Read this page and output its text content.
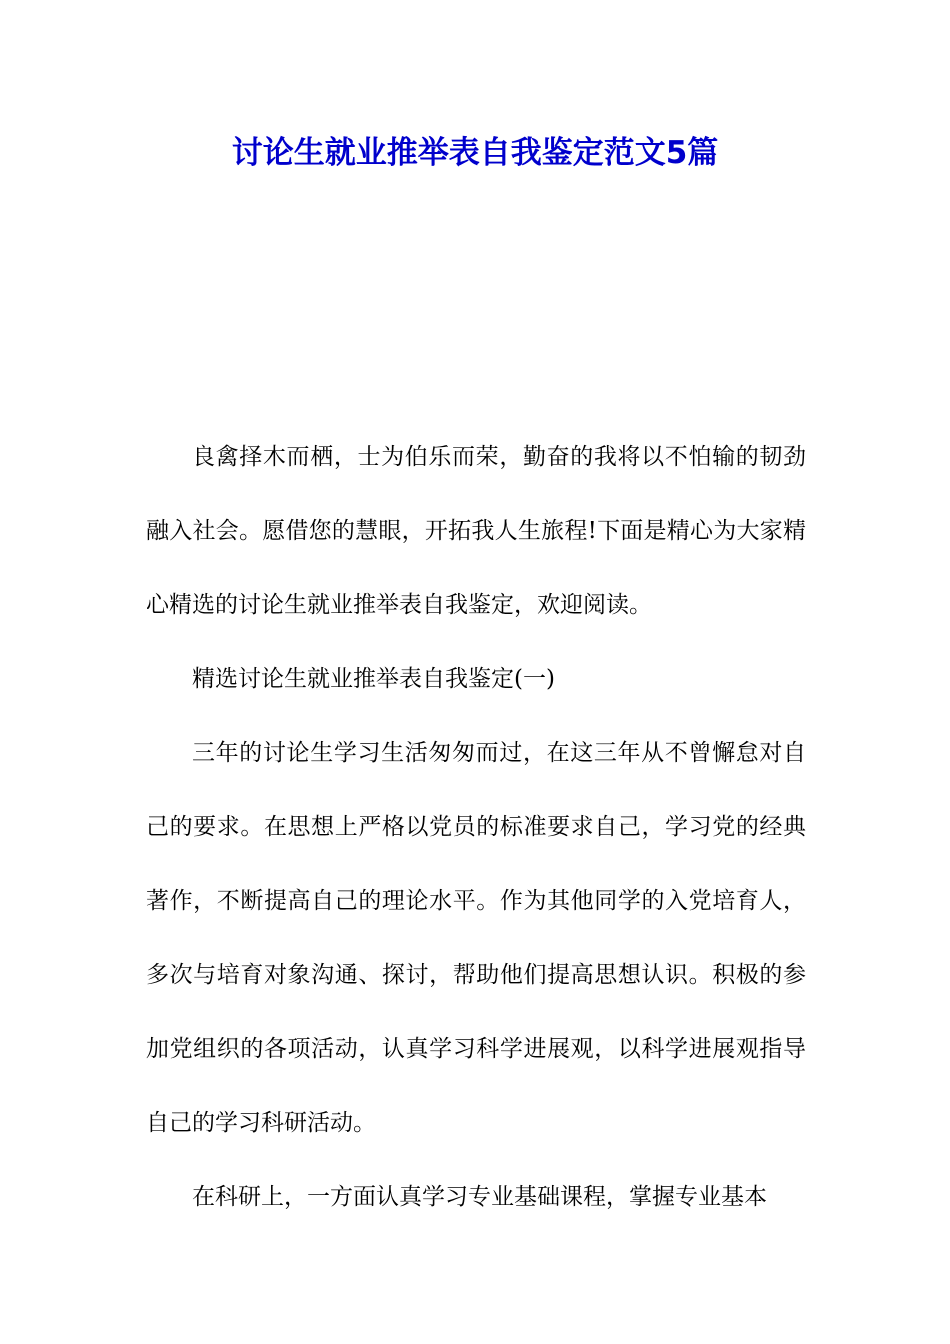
讨论生就业推举表自我鉴定范文5篇

良禽择木而栖，士为伯乐而荣，勤奋的我将以不怕输的韧劲融入社会。愿借您的慧眼，开拓我人生旅程!下面是精心为大家精心精选的讨论生就业推举表自我鉴定，欢迎阅读。

精选讨论生就业推举表自我鉴定(一)

三年的讨论生学习生活匆匆而过，在这三年从不曾懈怠对自己的要求。在思想上严格以党员的标准要求自己，学习党的经典著作，不断提高自己的理论水平。作为其他同学的入党培育人，多次与培育对象沟通、探讨，帮助他们提高思想认识。积极的参加党组织的各项活动，认真学习科学进展观，以科学进展观指导自己的学习科研活动。

在科研上，一方面认真学习专业基础课程，掌握专业基本
